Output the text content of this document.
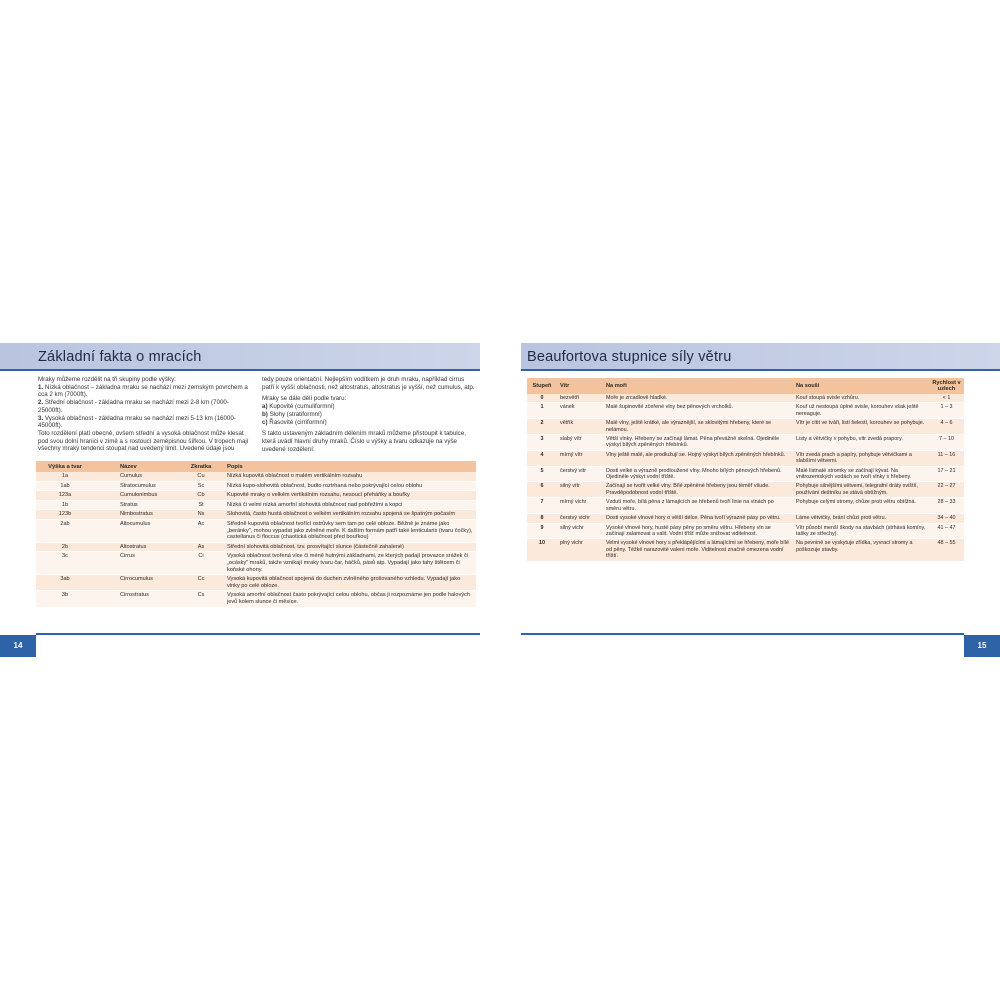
Základní fakta o mracích

Mraky můžeme rozdělit na tři skupiny podle výšky:

1. Nízká oblačnost – základna mraku se nachází mezi zemským povrchem a cca 2 km (7000ft).

2. Střední oblačnost - základna mraku se nachází mezi 2-8 km (7000-25000ft).

3. Vysoká oblačnost - základna mraku se nachází mezi 5-13 km (16000-45000ft).

Toto rozdělení platí obecně, ovšem střední a vysoká oblačnost může klesat pod svou dolní hranici v zimě a s rostoucí zeměpisnou šířkou. V tropech mají všechny mraky tendenci stoupat nad uvedený limit. Uvedené údaje jsou

tedy pouze orientační. Nejlepším vodítkem je druh mraku, například cirrus patří k vyšší oblačnosti, než altostratus, altostratus je vyšší, než cumulus, atp.

Mraky se dále dělí podle tvaru:

a) Kupovité (cumuliformní)

b) Slohy (stratiformní)

c) Řasovité (cirriformní)

S takto ustaveným základním dělením mraků můžeme přistoupit k tabulce, která uvádí hlavní druhy mraků. Číslo u výšky a tvaru odkazuje na výše uvedené rozdělení:

Výška a tvar	Název	Zkratka	Popis
1a	Cumulus	Cu	Nízká kupovitá oblačnost o malém vertikálním rozsahu
1ab	Stratocumulus	Sc	Nízká kupo-slohovitá oblačnost, budto roztrhaná nebo pokrývající celou oblohu
123a	Cumulonimbus	Cb	Kupovité mraky o velkém vertikálním rozsahu, nesoucí přeháňky a bouřky
1b	Stratus	St	Nízká či velmi nízká amorfní slohovitá oblačnost nad pobřežími a kopci
123b	Nimbostratus	Ns	Slohovitá, často hustá oblačnost o velkém vertikálním rozsahu spojená se špatným počasím
2ab	Altocumulus	Ac	Středně kupovitá oblačnost tvořící ostrůvky sem tam po celé obloze. Běžně je známe jako „beránky", mohou vypadat jako zvlněné moře. K dalším formám patří také lenticularis (tvaru čočky), castellanus či floccus (chaotická oblačnost před bouřkou)
2b	Altostratus	As	Střední slohovitá oblačnost, tzv. prosvítající slunce (částečně zahalené)
3c	Cirrus	Ci	Vysoká oblačnost tvořená více či méně hutnými základnami, ze kterých padají provazce srážek či „ocásky" mraků, takže vznikají mraky tvaru čar, háčků, pásů atp. Vypadají jako tahy štětcem či koňské ohony.
3ab	Cirrocumulus	Cc	Vysoká kupovitá oblačnost spojená do duchen zvlněného grošovaného vzhledu. Vypadají jako vlnky po celé obloze.
3b	Cirrostratus	Cs	Vysoká amorfní oblačnost často pokrývající celou oblohu, občas ji rozpoznáme jen podle halových jevů kolem slunce či měsíce.
14
Beaufortova stupnice síly větru
Stupeň	Vítr	Na moři	Na souši	Rychlost v uzlech
0	bezvětří	Moře je zrcadlově hladké.	Kouř stoupá svisle vzhůru.	< 1
1	vánek	Malé šupinovité zčeřené vlny bez pěnových vrcholků.	Kouř už nestoupá úplně svisle, korouhev však ještě nereaguje.	1 – 3
2	větřík	Malé vlny, ještě krátké, ale výraznější, se sklovitými hřebeny, které se nelámou.	Vítr je cítit ve tváři, listí šelestí, korouhev se pohybuje.	4 – 6
3	slabý vítr	Větší vlnky. Hřebeny se začínají lámat. Pěna převážně skelná. Ojediněle výskyt bílých zpěněných hřebínků.	Listy a větvičky v pohybu, vítr zvedá prapory.	7 – 10
4	mírný vítr	Vlny ještě malé, ale prodlužují se. Hojný výskyt bílých zpěněných hřebínků.	Vítr zvedá prach a papíry, pohybuje větvičkami a slabšími větvemi.	11 – 16
5	čerstvý vítr	Dosti velké a výrazně prodloužené vlny. Mnoho bílých pěnových hřebenů. Ojediněle výskyt vodní tříště.	Malé listnaté stromky se začínají kývat. Na vnitrozemských vodách se tvoří vlnky s hřebeny.	17 – 21
6	silný vítr	Začínají se tvořit velké vlny. Bílé zpěněné hřebeny jsou téměř všude. Pravděpodobnost vodní tříště.	Pohybuje silnějšími větvemi, telegrafní dráty svištíí, používání deštníku se stává obtížným.	22 – 27
7	mírný vichr	Vzdutí moře, bílá pěna z lámajících se hřebenů tvoří linie na vlnách po směru větru.	Pohybuje celými stromy, chůze proti větru obtížná.	28 – 33
8	čerstvý vichr	Dosti vysoké vlnové hory o větší délce. Pěna tvoří výrazné pásy po větru.	Láme větvičky, brání chůzi proti větru.	34 – 40
9	silný vichr	Vysoké vlnové hory, husté pásy pěny po směru větru. Hřebeny vln se začínají zalamovat a valit. Vodní tříšť může snižovat viditelnost.	Vítr působí menší škody na stavbách (strhává komíny, tašky ze střechy).	41 – 47
10	plný vichr	Velmi vysoké vlnové hory s překlápějícími a lámajícími se hřebeny, moře bílé od pěny. Těžké narazovité valení moře. Viditelnost značně omezena vodní tříští.	Na pevnině se vyskytuje zřídka, vyvrací stromy a poškozuje stavby.	48 – 55
15
